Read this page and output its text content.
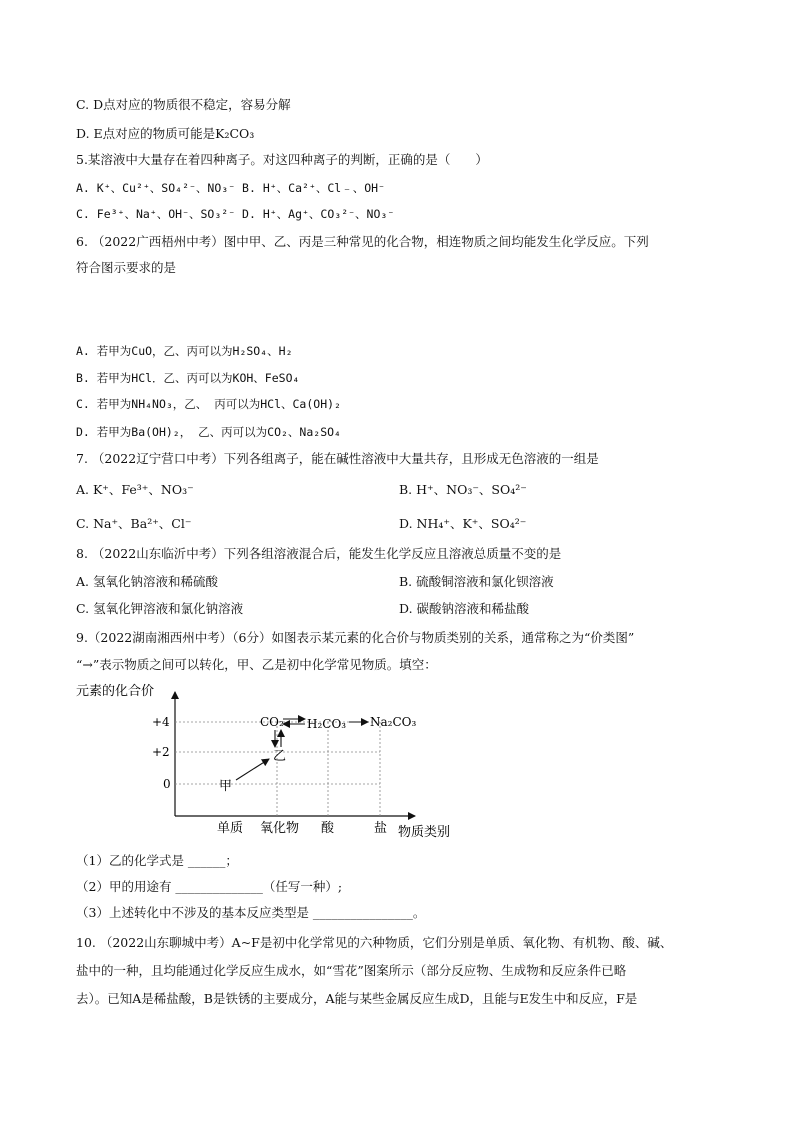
C. D点对应的物质很不稳定，容易分解
D. E点对应的物质可能是K₂CO₃
5.某溶液中大量存在着四种离子。对这四种离子的判断，正确的是（　　）
A. K⁺、Cu²⁺、SO₄²⁻、NO₃⁻ B. H⁺、Ca²⁺、Cl﹣、OH⁻
C. Fe³⁺、Na⁺、OH⁻、SO₃²⁻ D. H⁺、Ag⁺、CO₃²⁻、NO₃⁻
6. （2022广西梧州中考）图中甲、乙、丙是三种常见的化合物，相连物质之间均能发生化学反应。下列
符合图示要求的是
A. 若甲为CuO，乙、丙可以为H₂SO₄、H₂
B. 若甲为HCl．乙、丙可以为KOH、FeSO₄
C. 若甲为NH₄NO₃，乙、 丙可以为HCl、Ca(OH)₂
D. 若甲为Ba(OH)₂， 乙、丙可以为CO₂、Na₂SO₄
7. （2022辽宁营口中考）下列各组离子，能在碱性溶液中大量共存，且形成无色溶液的一组是
A. K⁺、Fe³⁺、NO₃⁻	B. H⁺、NO₃⁻、SO₄²⁻
C. Na⁺、Ba²⁺、Cl⁻	D. NH₄⁺、K⁺、SO₄²⁻
8. （2022山东临沂中考）下列各组溶液混合后，能发生化学反应且溶液总质量不变的是
A. 氢氧化钠溶液和稀硫酸	B. 硫酸铜溶液和氯化钡溶液
C. 氢氧化钾溶液和氯化钠溶液	D. 碳酸钠溶液和稀盐酸
9.（2022湖南湘西州中考）（6分）如图表示某元素的化合价与物质类别的关系，通常称之为“价类图”
“→”表示物质之间可以转化，甲、乙是初中化学常见物质。填空：
元素的化合价
+4
+2
0
单质 氧化物 酸	盐 物质类别
甲
乙
CO₂ H₂CO₃ Na₂CO₃
（1）乙的化学式是 ______；
（2）甲的用途有 ______________（任写一种）;
（3）上述转化中不涉及的基本反应类型是 ________________。
10. （2022山东聊城中考）A~F是初中化学常见的六种物质，它们分别是单质、氧化物、有机物、酸、碱、
盐中的一种，且均能通过化学反应生成水，如“雪花”图案所示（部分反应物、生成物和反应条件已略
去）。已知A是稀盐酸，B是铁锈的主要成分，A能与某些金属反应生成D，且能与E发生中和反应，F是
